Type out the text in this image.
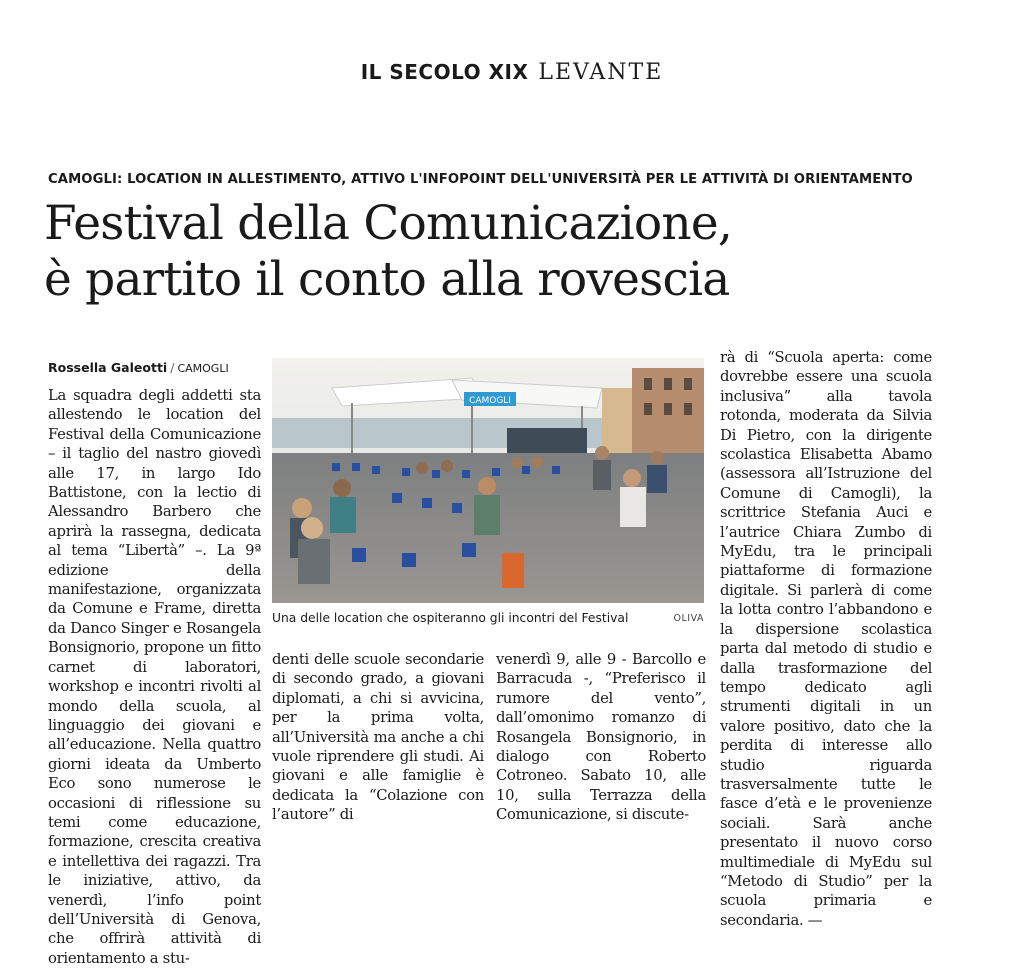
IL SECOLO XIX LEVANTE
CAMOGLI: LOCATION IN ALLESTIMENTO, ATTIVO L'INFOPOINT DELL'UNIVERSITÀ PER LE ATTIVITÀ DI ORIENTAMENTO
Festival della Comunicazione,
è partito il conto alla rovescia
Rossella Galeotti / CAMOGLI

La squadra degli addetti sta allestendo le location del Festival della Comunicazione – il taglio del nastro giovedì alle 17, in largo Ido Battistone, con la lectio di Alessandro Barbero che aprirà la rassegna, dedicata al tema “Libertà” –. La 9ª edizione della manifestazione, organizzata da Comune e Frame, diretta da Danco Singer e Rosangela Bonsignorio, propone un fitto carnet di laboratori, workshop e incontri rivolti al mondo della scuola, al linguaggio dei giovani e all’educazione. Nella quattro giorni ideata da Umberto Eco sono numerose le occasioni di riflessione su temi come educazione, formazione, crescita creativa e intellettiva dei ragazzi. Tra le iniziative, attivo, da venerdì, l’info point dell’Università di Genova, che offrirà attività di orientamento a stu-

CAMOGLI
Una delle location che ospiteranno gli incontri del Festival	OLIVA

denti delle scuole secondarie di secondo grado, a giovani diplomati, a chi si avvicina, per la prima volta, all’Università ma anche a chi vuole riprendere gli studi. Ai giovani e alle famiglie è dedicata la “Colazione con l’autore” di

venerdì 9, alle 9 - Barcollo e Barracuda -, “Preferisco il rumore del vento”, dall’omonimo romanzo di Rosangela Bonsignorio, in dialogo con Roberto Cotroneo. Sabato 10, alle 10, sulla Terrazza della Comunicazione, si discute-

rà di “Scuola aperta: come dovrebbe essere una scuola inclusiva” alla tavola rotonda, moderata da Silvia Di Pietro, con la dirigente scolastica Elisabetta Abamo (assessora all’Istruzione del Comune di Camogli), la scrittrice Stefania Auci e l’autrice Chiara Zumbo di MyEdu, tra le principali piattaforme di formazione digitale. Si parlerà di come la lotta contro l’abbandono e la dispersione scolastica parta dal metodo di studio e dalla trasformazione del tempo dedicato agli strumenti digitali in un valore positivo, dato che la perdita di interesse allo studio riguarda trasversalmente tutte le fasce d’età e le provenienze sociali. Sarà anche presentato il nuovo corso multimediale di MyEdu sul “Metodo di Studio” per la scuola primaria e secondaria. —
